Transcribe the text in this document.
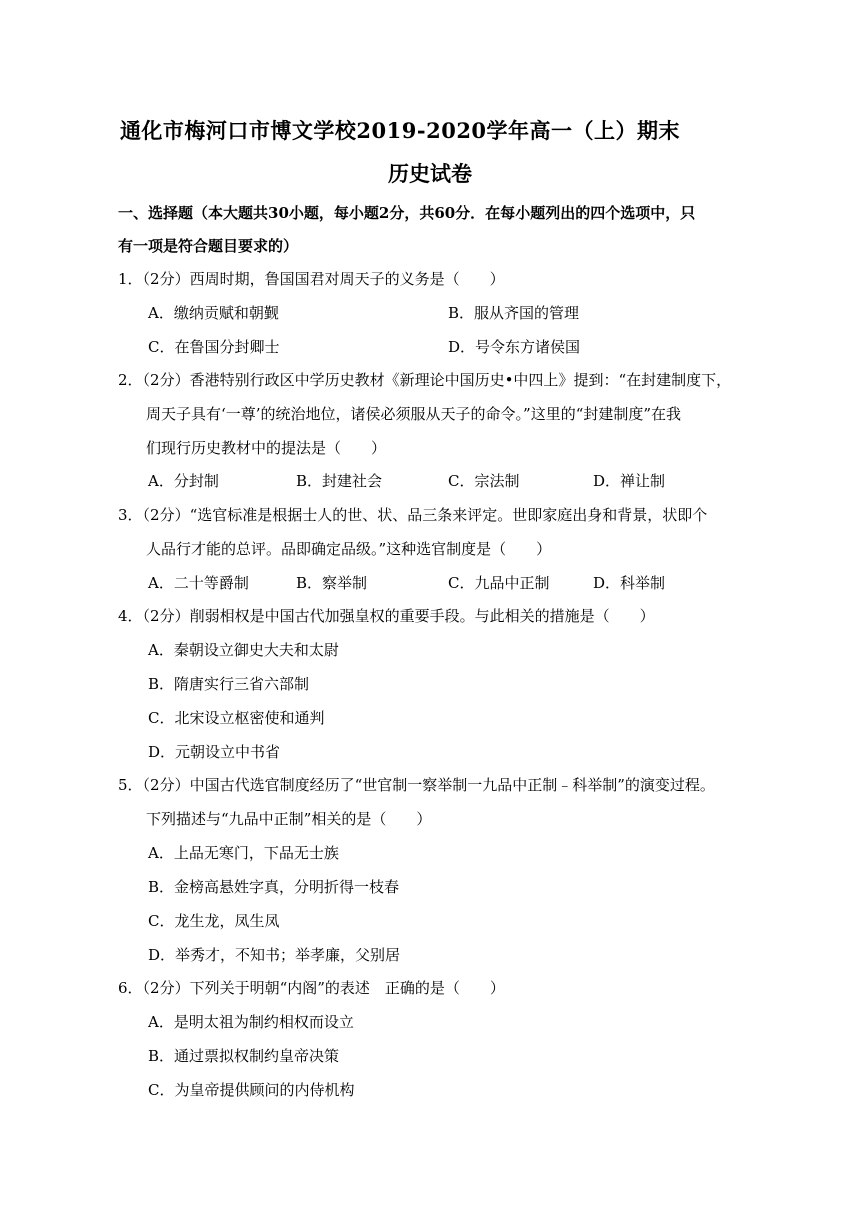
通化市梅河口市博文学校2019-2020学年高一（上）期末
历史试卷
一、选择题（本大题共30小题，每小题2分，共60分．在每小题列出的四个选项中，只
有一项是符合题目要求的）
1．（2分）西周时期，鲁国国君对周天子的义务是（　　）
A．缴纳贡赋和朝觐	B．服从齐国的管理
C．在鲁国分封卿士	D．号令东方诸侯国
2．（2分）香港特别行政区中学历史教材《新理论中国历史•中四上》提到：“在封建制度下，
周天子具有‘一尊’的统治地位，诸侯必须服从天子的命令。”这里的“封建制度”在我
们现行历史教材中的提法是（　　）
A．分封制	B．封建社会	C．宗法制	D．禅让制
3．（2分）“选官标准是根据士人的世、状、品三条来评定。世即家庭出身和背景，状即个
人品行才能的总评。品即确定品级。”这种选官制度是（　　）
A．二十等爵制	B．察举制	C．九品中正制	D．科举制
4．（2分）削弱相权是中国古代加强皇权的重要手段。与此相关的措施是（　　）
A．秦朝设立御史大夫和太尉
B．隋唐实行三省六部制
C．北宋设立枢密使和通判
D．元朝设立中书省
5．（2分）中国古代选官制度经历了“世官制一察举制一九品中正制﹣科举制”的演变过程。
下列描述与“九品中正制”相关的是（　　）
A．上品无寒门，下品无士族
B．金榜高悬姓字真，分明折得一枝春
C．龙生龙，凤生凤
D．举秀才，不知书；举孝廉，父别居
6．（2分）下列关于明朝“内阁”的表述　正确的是（　　）
A．是明太祖为制约相权而设立
B．通过票拟权制约皇帝决策
C．为皇帝提供顾问的内侍机构
